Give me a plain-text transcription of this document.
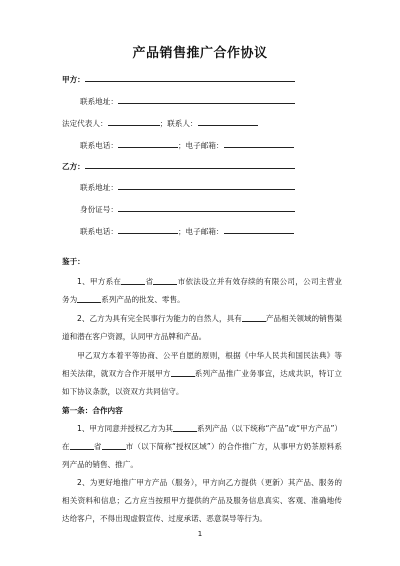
产品销售推广合作协议
甲方：
联系地址：
法定代表人：	；联系人：
联系电话：	；电子邮箱：
乙方：
联系地址：
身份证号：
联系电话：	；电子邮箱：
鉴于：
1、甲方系在	省	市依法设立并有效存续的有限公司，公司主营业务为	系列产品的批发、零售。
2、乙方为具有完全民事行为能力的自然人，具有	产品相关领域的销售渠道和潜在客户资源，认同甲方品牌和产品。
甲乙双方本着平等协商、公平自愿的原则，根据《中华人民共和国民法典》等相关法律，就双方合作开展甲方	系列产品推广业务事宜，达成共识，特订立如下协议条款，以资双方共同信守。
第一条：合作内容
1、甲方同意并授权乙方为其	系列产品（以下统称“产品”或“甲方产品”）在	省	市（以下简称“授权区域”）的合作推广方，从事甲方奶茶原料系列产品的销售、推广。
2、为更好地推广甲方产品（服务），甲方向乙方提供（更新）其产品、服务的相关资料和信息；乙方应当按照甲方提供的产品及服务信息真实、客观、准确地传达给客户，不得出现虚假宣传、过度承诺、恶意误导等行为。
1
